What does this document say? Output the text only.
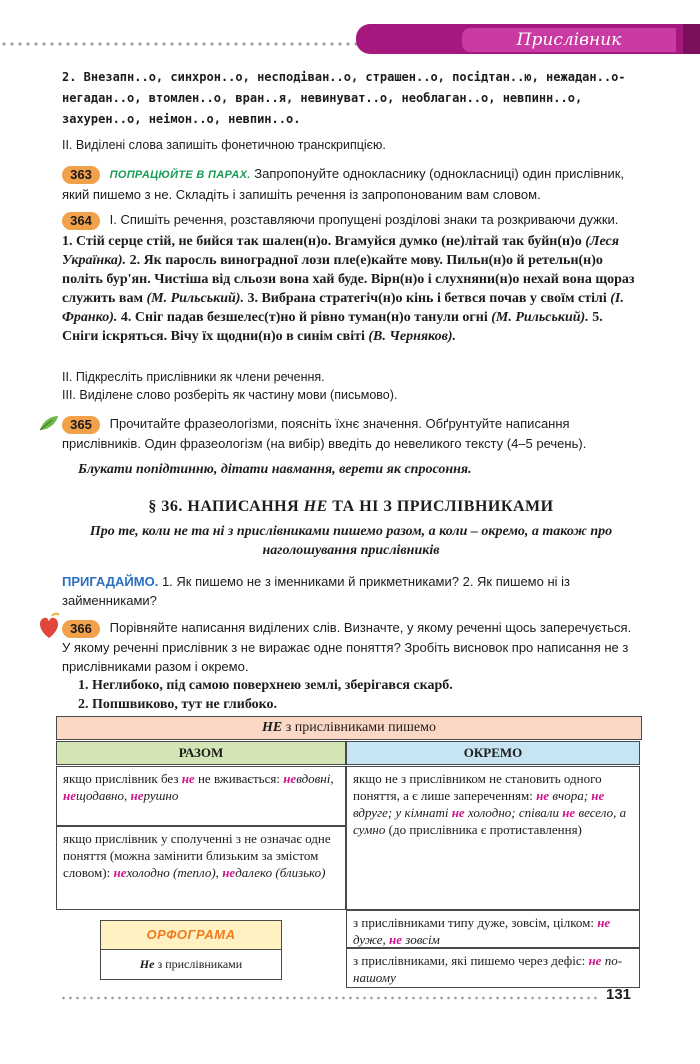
Прислівник
2. Внезапн..о, синхрон..о, несподіван..о, страшен..о, посідтан..ю, нежадан..о-негадан..о, втомлен..о, вран..я, невинуват..о, необлаган..о, невпинн..о, захурен..о, неімон..о, невпин..о.
ІІ. Виділені слова запишіть фонетичною транскрипцією.
363 ПОПРАЦЮЙТЕ В ПАРАХ. Запропонуйте однокласнику (однокласниці) один прислівник, який пишемо з не. Складіть і запишіть речення із запропонованим вам словом.
364 І. Спишіть речення, розставляючи пропущені розділові знаки та розкриваючи дужки.
1. Стій серце стій, не бийся так шален(н)о. Вгамуйся думко (не)літай так буйн(н)о (Леся Українка). 2. Як паросль виноградної лози пле(е)кайте мову. Пильн(н)о й ретельн(н)о політь бур'ян. Чистіша від сльози вона хай буде. Вірн(н)о і слухняни(н)о нехай вона щораз служить вам (М. Рильський). 3. Вибрана стратегіч(н)о кінь і бетвся почав у своїм стілі (І. Франко). 4. Сніг падав безшелес(т)но й рівно туман(н)о танули огні (М. Рильський). 5. Сніги іскряться. Вічу їх щодни(н)о в синім світі (В. Черняков).
ІІ. Підкресліть прислівники як члени речення.
ІІІ. Виділене слово розберіть як частину мови (письмово).
365 Прочитайте фразеологізми, поясніть їхнє значення. Обґрунтуйте написання прислівників. Один фразеологізм (на вибір) введіть до невеликого тексту (4–5 речень).
Блукати попідтинню, дітати навмання, верети як спросоння.
§ 36. НАПИСАННЯ НЕ ТА НІ З ПРИСЛІВНИКАМИ
Про те, коли не та ні з прислівниками пишемо разом, а коли – окремо, а також про наголошування прислівників
ПРИГАДАЙМО. 1. Як пишемо не з іменниками й прикметниками? 2. Як пишемо ні із займенниками?
366 Порівняйте написання виділених слів. Визначте, у якому реченні щось заперечується. У якому реченні прислівник з не виражає одне поняття? Зробіть висновок про написання не з прислівниками разом і окремо.
1. Неглибоко, під самою поверхнею землі, зберігався скарб.
2. Попшвиково, тут не глибоко.
НЕ з прислівниками пишемо
РАЗОМ	ОКРЕМО
якщо прислівник без не не вживається: невдовні, нещодавно, нерушно
якщо прислівник у сполученні з не означає одне поняття (можна замінити близьким за змістом словом): нехолодно (тепло), недалеко (близько)
якщо не з прислівником не становить одного поняття, а є лише запереченням: не вчора; не вдруге; у кімнаті не холодно; співали не весело, а сумно (до прислівника є протиставлення)
з прислівниками типу дуже, зовсім, цілком: не дуже, не зовсім
з прислівниками, які пишемо через дефіс: не по-нашому
ОРФОГРАМА
Не з прислівниками
131
